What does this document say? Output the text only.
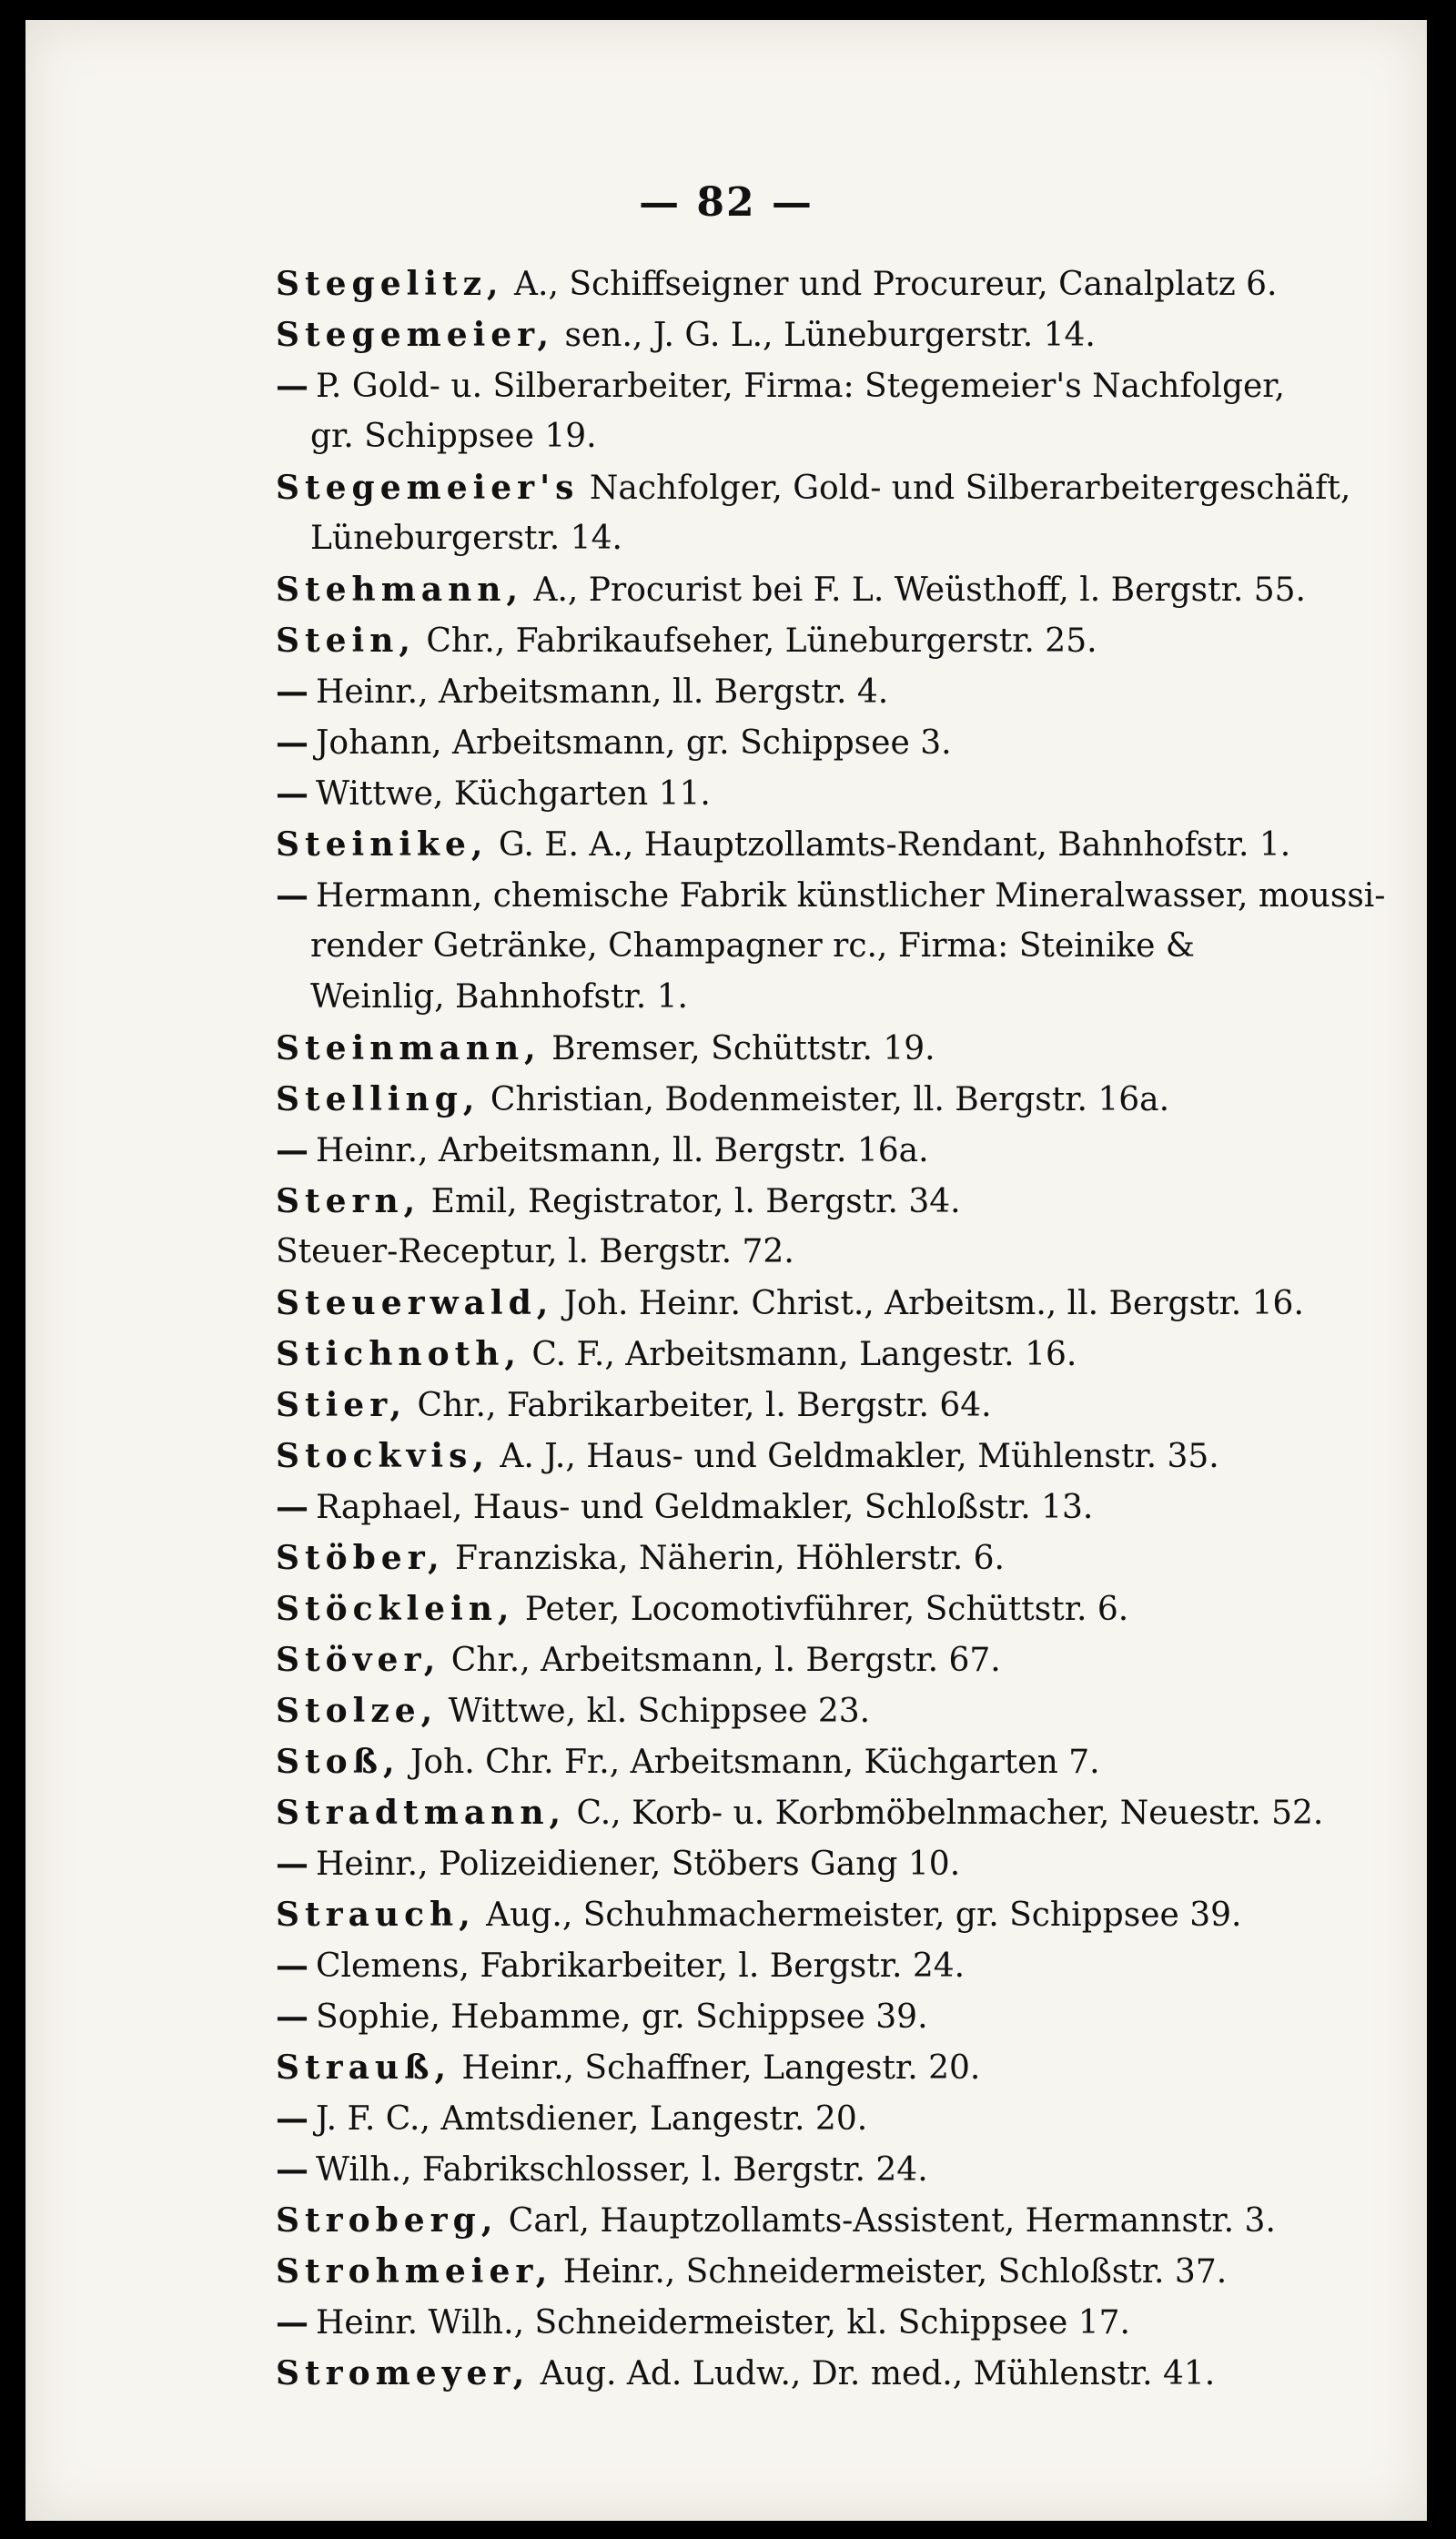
— 82 —
Stegelitz, A., Schiffseigner und Procureur, Canalplatz 6.
Stegemeier, sen., J. G. L., Lüneburgerstr. 14.
— P. Gold- u. Silberarbeiter, Firma: Stegemeier's Nachfolger,
gr. Schippsee 19.
Stegemeier's Nachfolger, Gold- und Silberarbeitergeschäft,
Lüneburgerstr. 14.
Stehmann, A., Procurist bei F. L. Weüsthoff, l. Bergstr. 55.
Stein, Chr., Fabrikaufseher, Lüneburgerstr. 25.
— Heinr., Arbeitsmann, ll. Bergstr. 4.
— Johann, Arbeitsmann, gr. Schippsee 3.
— Wittwe, Küchgarten 11.
Steinike, G. E. A., Hauptzollamts-Rendant, Bahnhofstr. 1.
— Hermann, chemische Fabrik künstlicher Mineralwasser, moussi-
render Getränke, Champagner rc., Firma: Steinike &
Weinlig, Bahnhofstr. 1.
Steinmann, Bremser, Schüttstr. 19.
Stelling, Christian, Bodenmeister, ll. Bergstr. 16a.
— Heinr., Arbeitsmann, ll. Bergstr. 16a.
Stern, Emil, Registrator, l. Bergstr. 34.
Steuer-Receptur, l. Bergstr. 72.
Steuerwald, Joh. Heinr. Christ., Arbeitsm., ll. Bergstr. 16.
Stichnoth, C. F., Arbeitsmann, Langestr. 16.
Stier, Chr., Fabrikarbeiter, l. Bergstr. 64.
Stockvis, A. J., Haus- und Geldmakler, Mühlenstr. 35.
— Raphael, Haus- und Geldmakler, Schloßstr. 13.
Stöber, Franziska, Näherin, Höhlerstr. 6.
Stöcklein, Peter, Locomotivführer, Schüttstr. 6.
Stöver, Chr., Arbeitsmann, l. Bergstr. 67.
Stolze, Wittwe, kl. Schippsee 23.
Stoß, Joh. Chr. Fr., Arbeitsmann, Küchgarten 7.
Stradtmann, C., Korb- u. Korbmöbelnmacher, Neuestr. 52.
— Heinr., Polizeidiener, Stöbers Gang 10.
Strauch, Aug., Schuhmachermeister, gr. Schippsee 39.
— Clemens, Fabrikarbeiter, l. Bergstr. 24.
— Sophie, Hebamme, gr. Schippsee 39.
Strauß, Heinr., Schaffner, Langestr. 20.
— J. F. C., Amtsdiener, Langestr. 20.
— Wilh., Fabrikschlosser, l. Bergstr. 24.
Stroberg, Carl, Hauptzollamts-Assistent, Hermannstr. 3.
Strohmeier, Heinr., Schneidermeister, Schloßstr. 37.
— Heinr. Wilh., Schneidermeister, kl. Schippsee 17.
Stromeyer, Aug. Ad. Ludw., Dr. med., Mühlenstr. 41.
